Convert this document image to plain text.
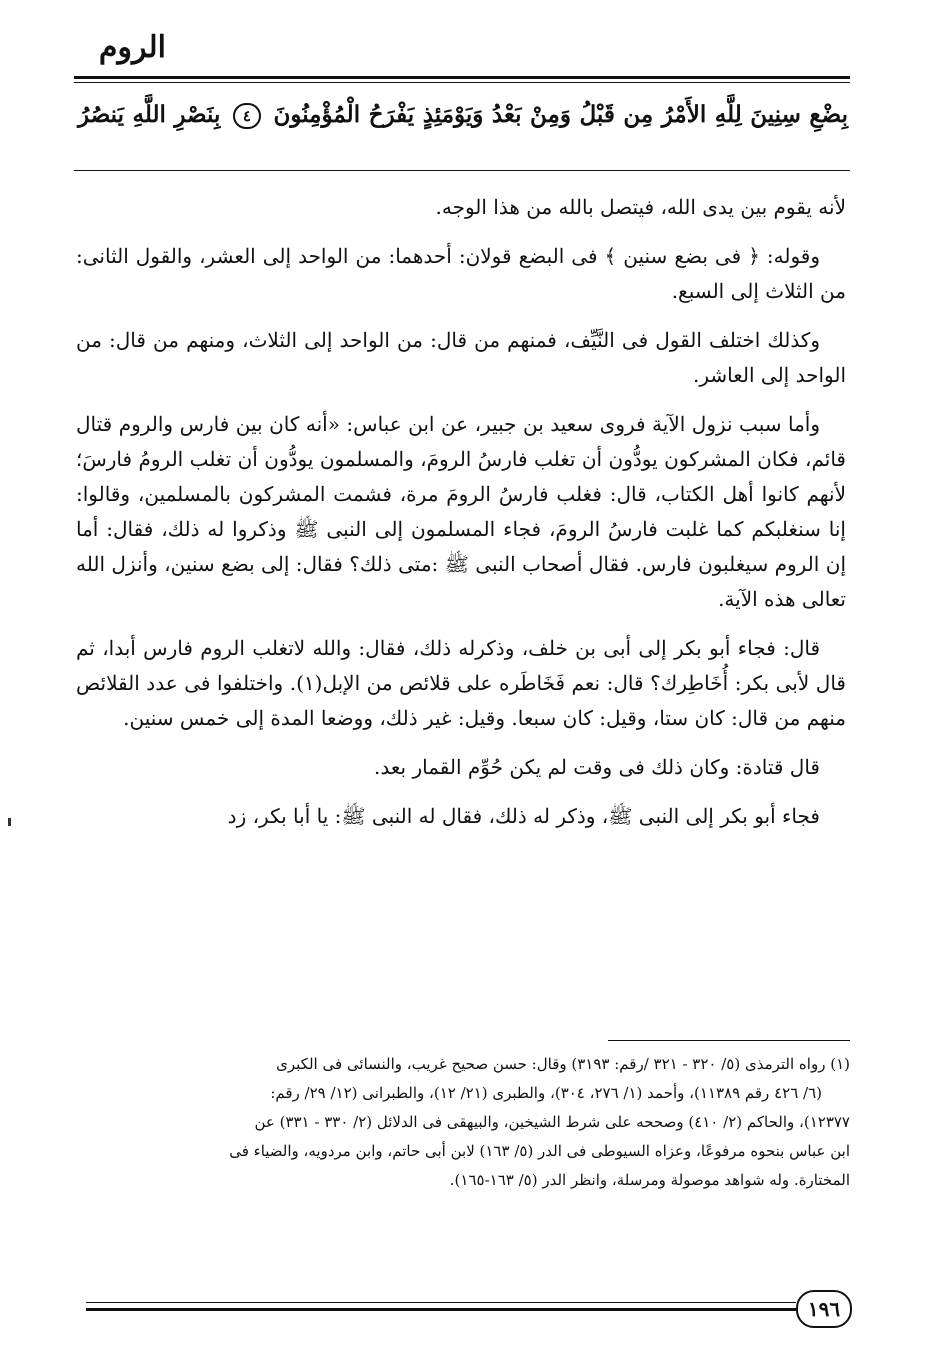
الروم
بِضْعِ سِنِينَ لِلَّهِ الأَمْرُ مِن قَبْلُ وَمِنْ بَعْدُ وَيَوْمَئِذٍ يَفْرَحُ الْمُؤْمِنُونَ ٤ بِنَصْرِ اللَّهِ يَنصُرُ

لأنه يقوم بين يدى الله، فيتصل بالله من هذا الوجه.

وقوله: ﴿ فى بضع سنين ﴾ فى البضع قولان: أحدهما: من الواحد إلى العشر، والقول الثانى: من الثلاث إلى السبع.

وكذلك اختلف القول فى النَّيِّف، فمنهم من قال: من الواحد إلى الثلاث، ومنهم من قال: من الواحد إلى العاشر.

وأما سبب نزول الآية فروى سعيد بن جبير، عن ابن عباس: «أنه كان بين فارس والروم قتال قائم، فكان المشركون يودُّون أن تغلب فارسُ الرومَ، والمسلمون يودُّون أن تغلب الرومُ فارسَ؛ لأنهم كانوا أهل الكتاب، قال: فغلب فارسُ الرومَ مرة، فشمت المشركون بالمسلمين، وقالوا: إنا سنغلبكم كما غلبت فارسُ الرومَ، فجاء المسلمون إلى النبى ﷺ وذكروا له ذلك، فقال: أما إن الروم سيغلبون فارس. فقال أصحاب النبى ﷺ :متى ذلك؟ فقال: إلى بضع سنين، وأنزل الله تعالى هذه الآية.

قال: فجاء أبو بكر إلى أبى بن خلف، وذكرله ذلك، فقال: والله لاتغلب الروم فارس أبدا، ثم قال لأبى بكر: أُخَاطِرك؟ قال: نعم فَخَاطَره على قلائص من الإبل(١). واختلفوا فى عدد القلائص منهم من قال: كان ستا، وقيل: كان سبعا. وقيل: غير ذلك، ووضعا المدة إلى خمس سنين.

قال قتادة: وكان ذلك فى وقت لم يكن حُوِّم القمار بعد.

فجاء أبو بكر إلى النبى ﷺ، وذكر له ذلك، فقال له النبى ﷺ: يا أبا بكر، زد

(١) رواه الترمذى (٥/ ٣٢٠ - ٣٢١ /رقم: ٣١٩٣) وقال: حسن صحيح غريب، والنسائى فى الكبرى

(٦/ ٤٢٦ رقم ١١٣٨٩)، وأحمد (١/ ٢٧٦، ٣٠٤)، والطبرى (٢١/ ١٢)، والطبرانى (١٢/ ٢٩/ رقم:

١٢٣٧٧)، والحاكم (٢/ ٤١٠) وصححه على شرط الشيخين، والبيهقى فى الدلائل (٢/ ٣٣٠ - ٣٣١) عن

ابن عباس بنحوه مرفوعًا، وعزاه السيوطى فى الدر (٥/ ١٦٣) لابن أبى حاتم، وابن مردويه، والضياء فى

المختارة. وله شواهد موصولة ومرسلة، وانظر الدر (٥/ ١٦٣-١٦٥).

١٩٦
